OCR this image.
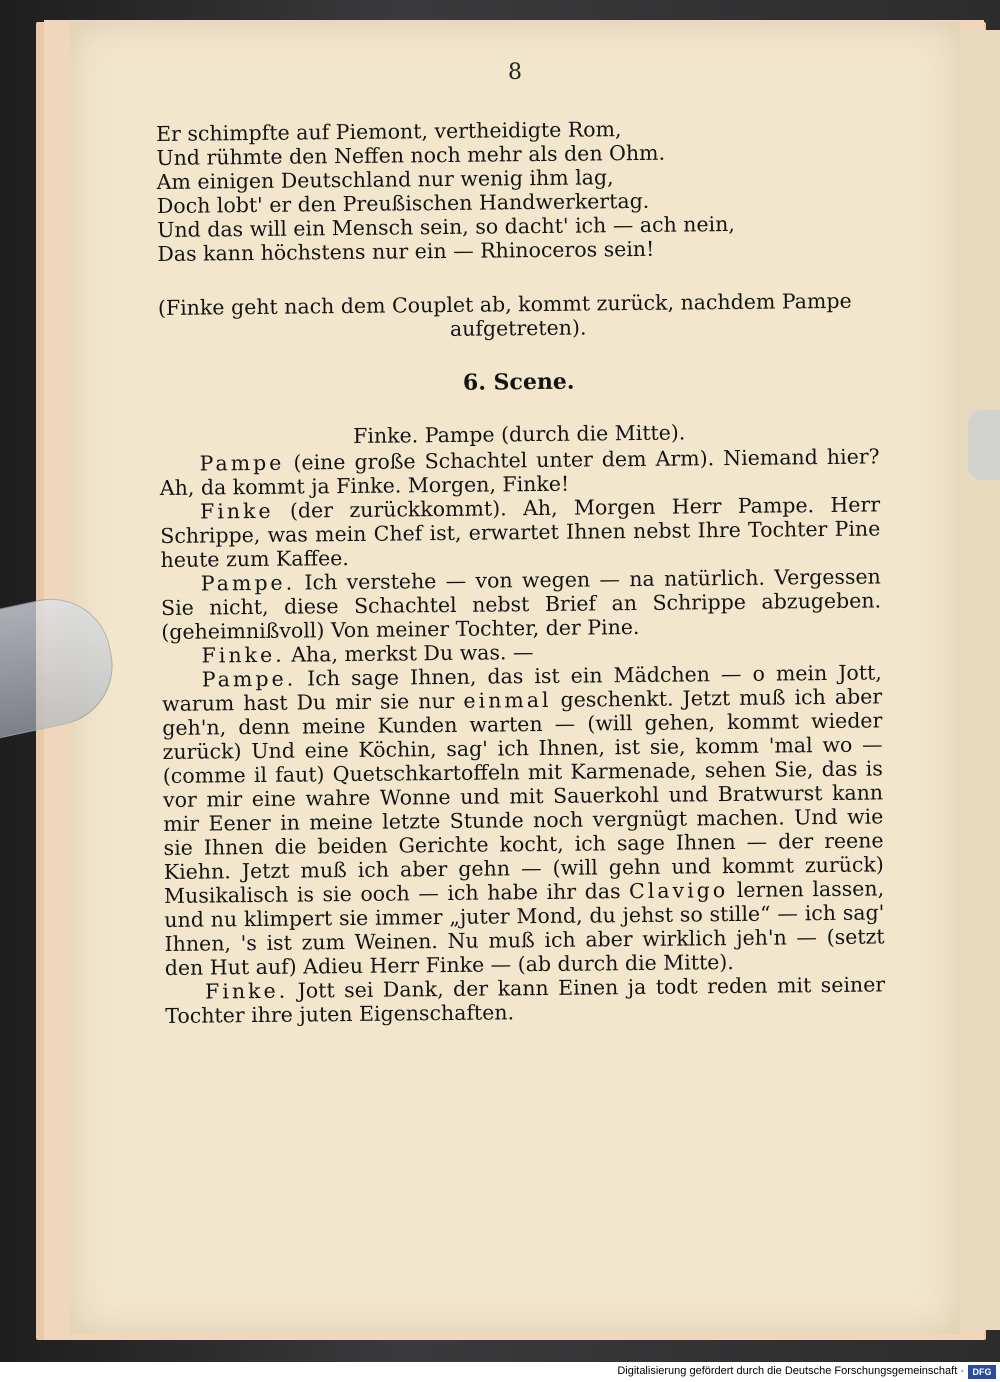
8

Er schimpfte auf Piemont, vertheidigte Rom,

Und rühmte den Neffen noch mehr als den Ohm.

Am einigen Deutschland nur wenig ihm lag,

Doch lobt' er den Preußischen Handwerkertag.

Und das will ein Mensch sein, so dacht' ich — ach nein,

Das kann höchstens nur ein — Rhinoceros sein!

(Finke geht nach dem Couplet ab, kommt zurück, nachdem Pampe
aufgetreten).

6. Scene.
Finke. Pampe (durch die Mitte).

Pampe (eine große Schachtel unter dem Arm). Niemand hier? Ah, da kommt ja Finke. Morgen, Finke!

Finke (der zurückkommt). Ah, Morgen Herr Pampe. Herr Schrippe, was mein Chef ist, erwartet Ihnen nebst Ihre Tochter Pine heute zum Kaffee.

Pampe. Ich verstehe — von wegen — na natürlich. Vergessen Sie nicht, diese Schachtel nebst Brief an Schrippe abzugeben. (geheimnißvoll) Von meiner Tochter, der Pine.

Finke. Aha, merkst Du was. —

Pampe. Ich sage Ihnen, das ist ein Mädchen — o mein Jott, warum hast Du mir sie nur einmal geschenkt. Jetzt muß ich aber geh'n, denn meine Kunden warten — (will gehen, kommt wieder zurück) Und eine Köchin, sag' ich Ihnen, ist sie, komm 'mal wo — (comme il faut) Quetschkartoffeln mit Karmenade, sehen Sie, das is vor mir eine wahre Wonne und mit Sauerkohl und Bratwurst kann mir Eener in meine letzte Stunde noch vergnügt machen. Und wie sie Ihnen die beiden Gerichte kocht, ich sage Ihnen — der reene Kiehn. Jetzt muß ich aber gehn — (will gehn und kommt zurück) Musikalisch is sie ooch — ich habe ihr das Clavigo lernen lassen, und nu klimpert sie immer „juter Mond, du jehst so stille“ — ich sag' Ihnen, 's ist zum Weinen. Nu muß ich aber wirklich jeh'n — (setzt den Hut auf) Adieu Herr Finke — (ab durch die Mitte).

Finke. Jott sei Dank, der kann Einen ja todt reden mit seiner Tochter ihre juten Eigenschaften.

Digitalisierung gefördert durch die Deutsche Forschungsgemeinschaft · DFG
